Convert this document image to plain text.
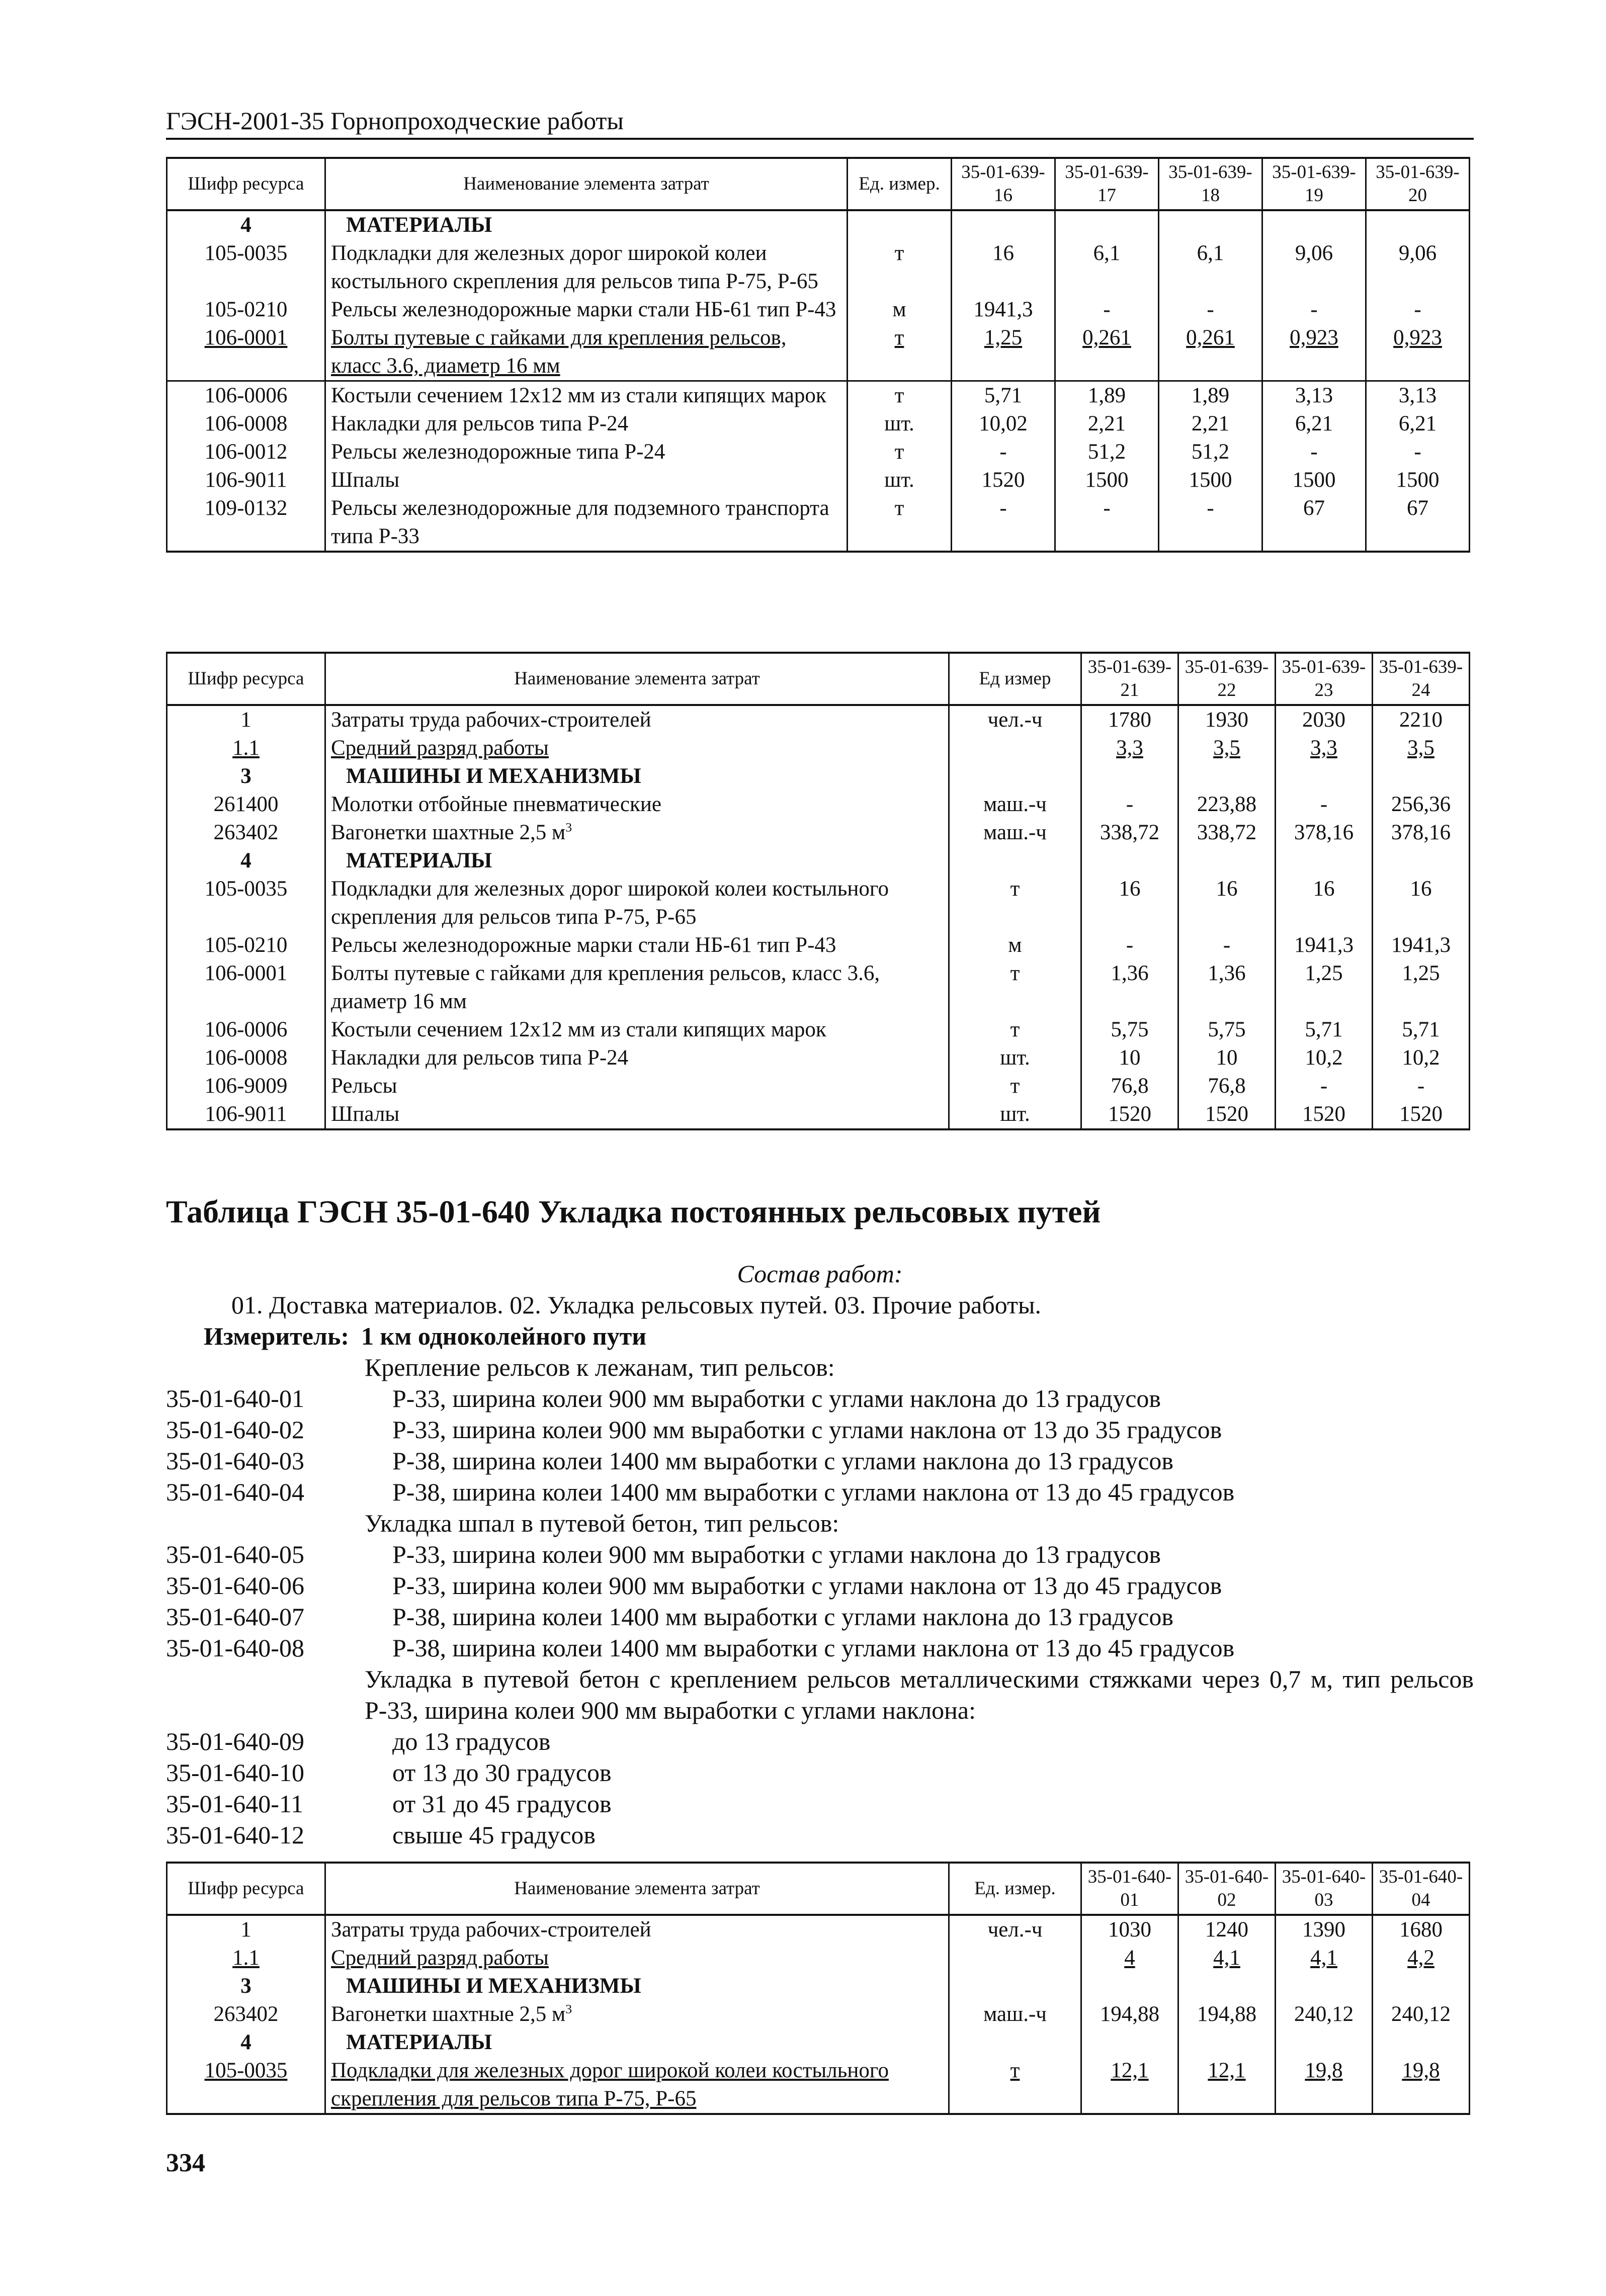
ГЭСН-2001-35 Горнопроходческие работы
Шифр ресурса	Наименование элемента затрат	Ед. измер.	35-01-639-16	35-01-639-17	35-01-639-18	35-01-639-19	35-01-639-20
4	МАТЕРИАЛЫ						
105-0035	Подкладки для железных дорог широкой колеи костыльного скрепления для рельсов типа Р-75, Р-65	т	16	6,1	6,1	9,06	9,06
105-0210	Рельсы железнодорожные марки стали НБ-61 тип Р-43	м	1941,3	-	-	-	-
106-0001	Болты путевые с гайками для крепления рельсов, класс 3.6, диаметр 16 мм	т	1,25	0,261	0,261	0,923	0,923
106-0006	Костыли сечением 12х12 мм из стали кипящих марок	т	5,71	1,89	1,89	3,13	3,13
106-0008	Накладки для рельсов типа Р-24	шт.	10,02	2,21	2,21	6,21	6,21
106-0012	Рельсы железнодорожные типа Р-24	т	-	51,2	51,2	-	-
106-9011	Шпалы	шт.	1520	1500	1500	1500	1500
109-0132	Рельсы железнодорожные для подземного транспорта типа Р-33	т	-	-	-	67	67
Шифр ресурса	Наименование элемента затрат	Ед измер	35-01-639-21	35-01-639-22	35-01-639-23	35-01-639-24
1	Затраты труда рабочих-строителей	чел.-ч	1780	1930	2030	2210
1.1	Средний разряд работы		3,3	3,5	3,3	3,5
3	МАШИНЫ И МЕХАНИЗМЫ					
261400	Молотки отбойные пневматические	маш.-ч	-	223,88	-	256,36
263402	Вагонетки шахтные 2,5 $м^3$	маш.-ч	338,72	338,72	378,16	378,16
4	МАТЕРИАЛЫ					
105-0035	Подкладки для железных дорог широкой колеи костыльного скрепления для рельсов типа Р-75, Р-65	т	16	16	16	16
105-0210	Рельсы железнодорожные марки стали НБ-61 тип Р-43	м	-	-	1941,3	1941,3
106-0001	Болты путевые с гайками для крепления рельсов, класс 3.6, диаметр 16 мм	т	1,36	1,36	1,25	1,25
106-0006	Костыли сечением 12х12 мм из стали кипящих марок	т	5,75	5,75	5,71	5,71
106-0008	Накладки для рельсов типа Р-24	шт.	10	10	10,2	10,2
106-9009	Рельсы	т	76,8	76,8	-	-
106-9011	Шпалы	шт.	1520	1520	1520	1520
Таблица ГЭСН 35-01-640 Укладка постоянных рельсовых путей
Состав работ:
01. Доставка материалов. 02. Укладка рельсовых путей. 03. Прочие работы.
Измеритель: 1 км одноколейного пути
Крепление рельсов к лежанам, тип рельсов:
35-01-640-01	Р-33, ширина колеи 900 мм выработки с углами наклона до 13 градусов
35-01-640-02	Р-33, ширина колеи 900 мм выработки с углами наклона от 13 до 35 градусов
35-01-640-03	Р-38, ширина колеи 1400 мм выработки с углами наклона до 13 градусов
35-01-640-04	Р-38, ширина колеи 1400 мм выработки с углами наклона от 13 до 45 градусов
Укладка шпал в путевой бетон, тип рельсов:
35-01-640-05	Р-33, ширина колеи 900 мм выработки с углами наклона до 13 градусов
35-01-640-06	Р-33, ширина колеи 900 мм выработки с углами наклона от 13 до 45 градусов
35-01-640-07	Р-38, ширина колеи 1400 мм выработки с углами наклона до 13 градусов
35-01-640-08	Р-38, ширина колеи 1400 мм выработки с углами наклона от 13 до 45 градусов
Укладка в путевой бетон с креплением рельсов металлическими стяжками через 0,7 м, тип рельсов Р-33, ширина колеи 900 мм выработки с углами наклона:
35-01-640-09	до 13 градусов
35-01-640-10	от 13 до 30 градусов
35-01-640-11	от 31 до 45 градусов
35-01-640-12	свыше 45 градусов
Шифр ресурса	Наименование элемента затрат	Ед. измер.	35-01-640-01	35-01-640-02	35-01-640-03	35-01-640-04
1	Затраты труда рабочих-строителей	чел.-ч	1030	1240	1390	1680
1.1	Средний разряд работы		4	4,1	4,1	4,2
3	МАШИНЫ И МЕХАНИЗМЫ					
263402	Вагонетки шахтные 2,5 $м^3$	маш.-ч	194,88	194,88	240,12	240,12
4	МАТЕРИАЛЫ					
105-0035	Подкладки для железных дорог широкой колеи костыльного скрепления для рельсов типа Р-75, Р-65	т	12,1	12,1	19,8	19,8
334
